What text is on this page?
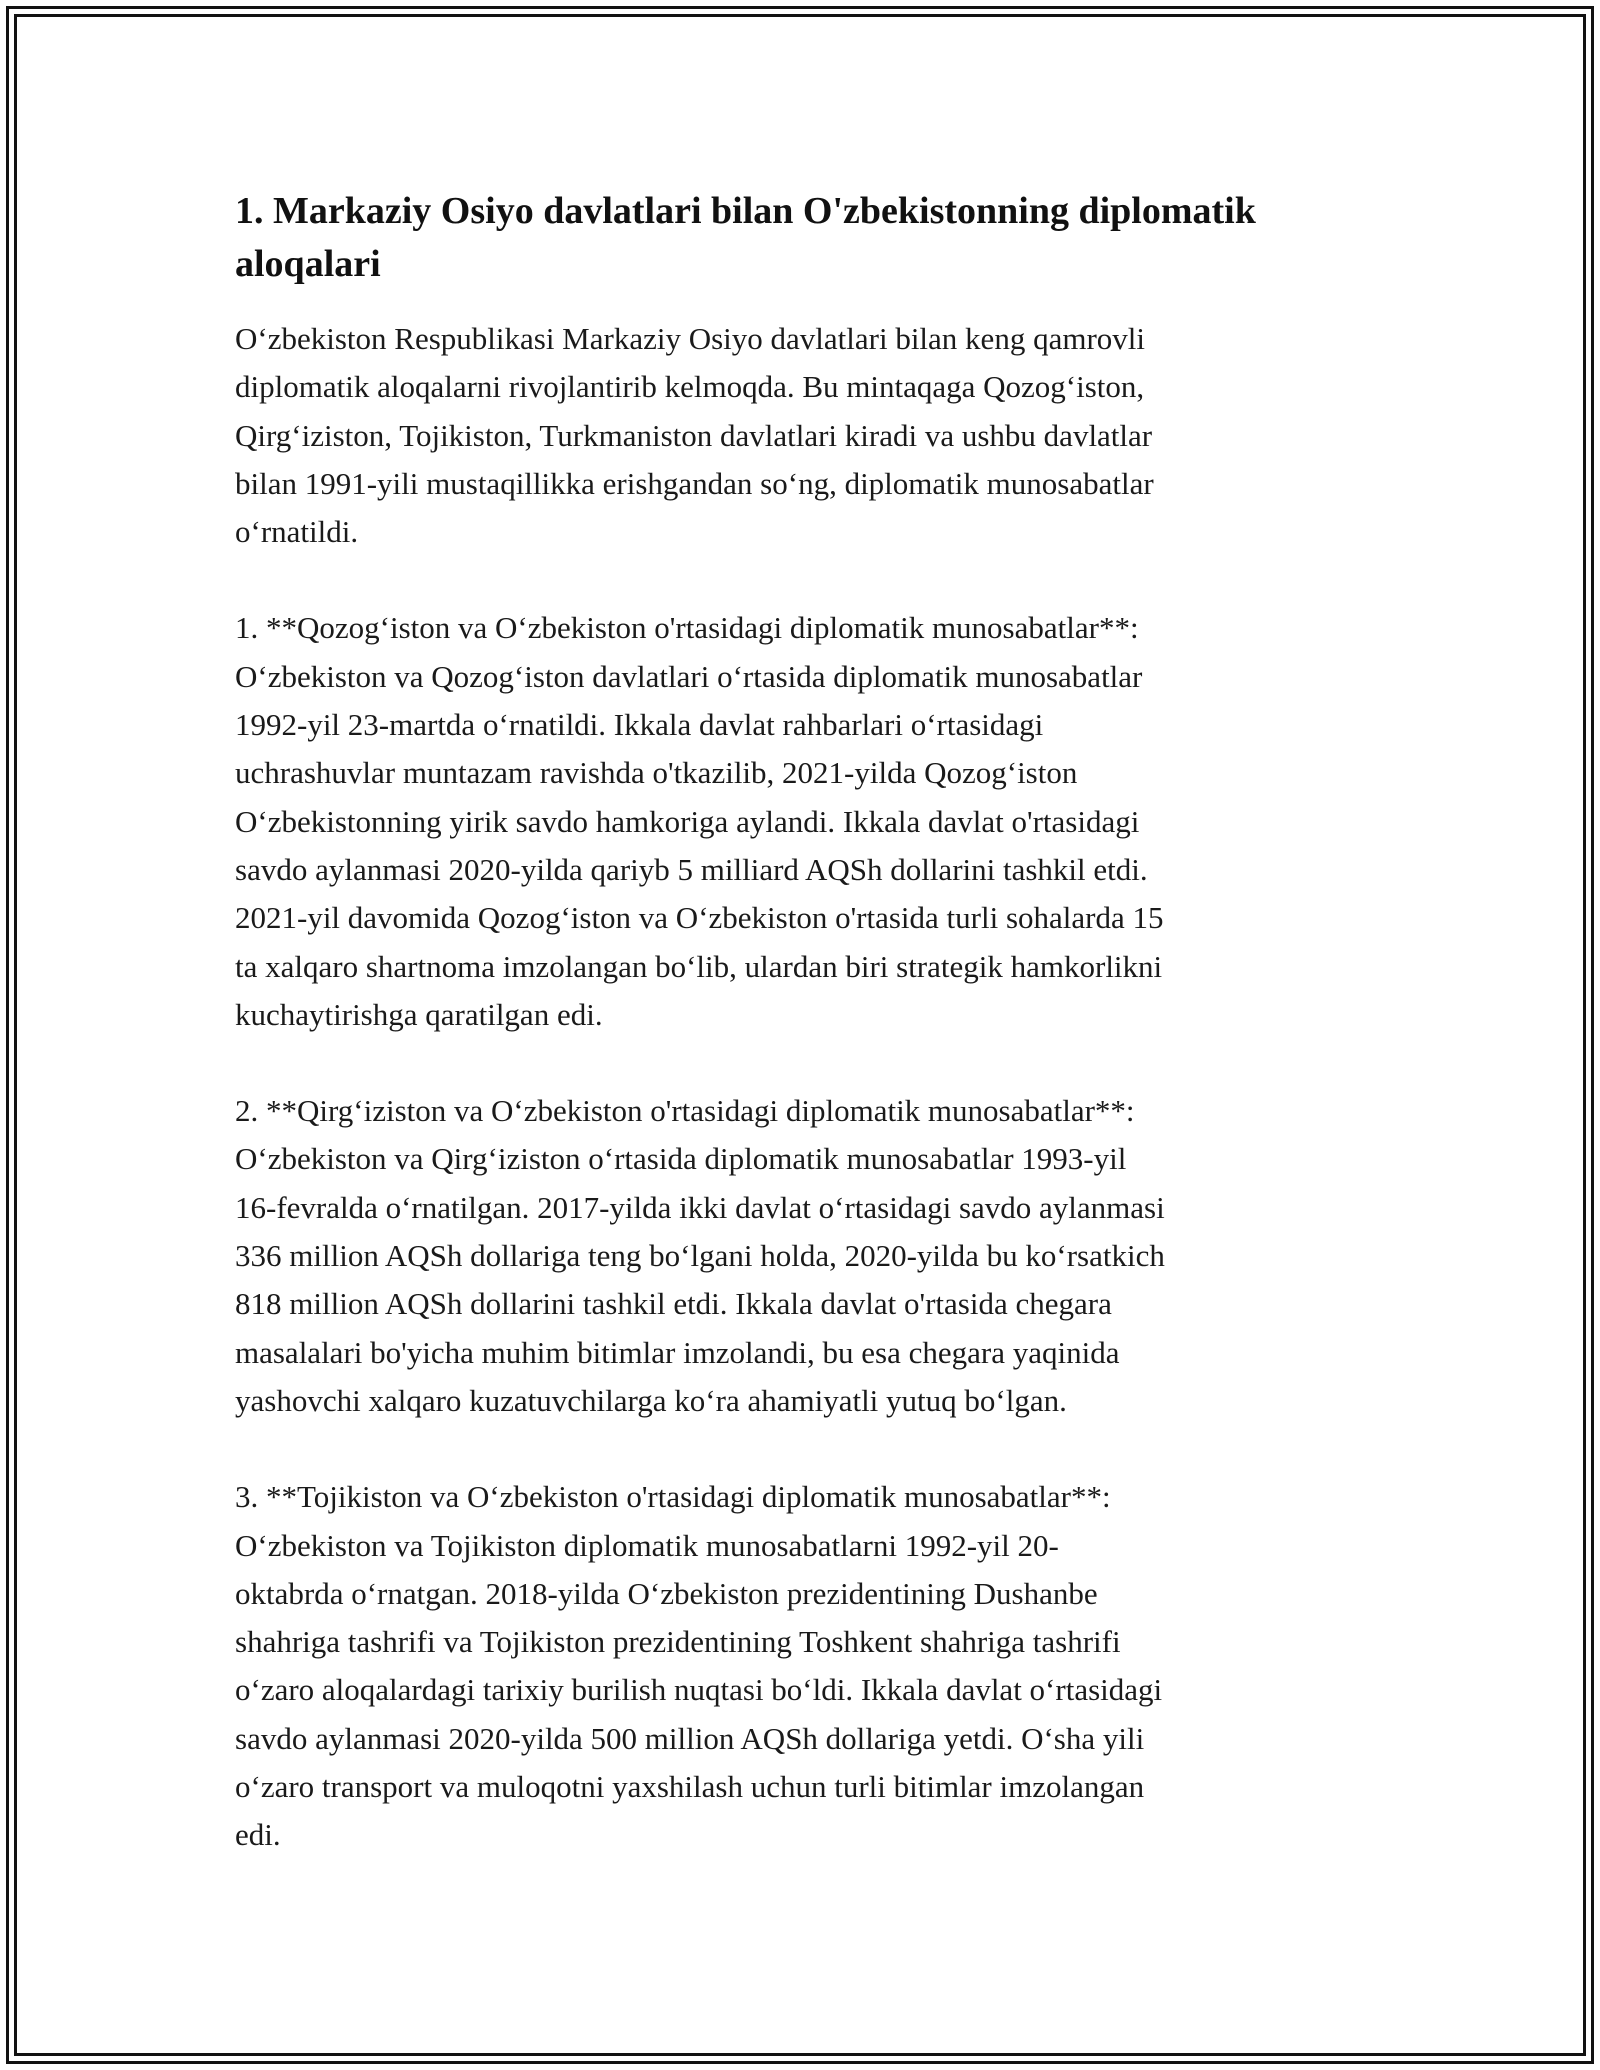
1. Markaziy Osiyo davlatlari bilan O'zbekistonning diplomatik aloqalari

O‘zbekiston Respublikasi Markaziy Osiyo davlatlari bilan keng qamrovli
diplomatik aloqalarni rivojlantirib kelmoqda. Bu mintaqaga Qozog‘iston,
Qirg‘iziston, Tojikiston, Turkmaniston davlatlari kiradi va ushbu davlatlar
bilan 1991-yili mustaqillikka erishgandan so‘ng, diplomatik munosabatlar
o‘rnatildi.

1. **Qozog‘iston va O‘zbekiston o'rtasidagi diplomatik munosabatlar**:

O‘zbekiston va Qozog‘iston davlatlari o‘rtasida diplomatik munosabatlar
1992-yil 23-martda o‘rnatildi. Ikkala davlat rahbarlari o‘rtasidagi
uchrashuvlar muntazam ravishda o'tkazilib, 2021-yilda Qozog‘iston
O‘zbekistonning yirik savdo hamkoriga aylandi. Ikkala davlat o'rtasidagi
savdo aylanmasi 2020-yilda qariyb 5 milliard AQSh dollarini tashkil etdi.
2021-yil davomida Qozog‘iston va O‘zbekiston o'rtasida turli sohalarda 15
ta xalqaro shartnoma imzolangan bo‘lib, ulardan biri strategik hamkorlikni
kuchaytirishga qaratilgan edi.

2. **Qirg‘iziston va O‘zbekiston o'rtasidagi diplomatik munosabatlar**:

O‘zbekiston va Qirg‘iziston o‘rtasida diplomatik munosabatlar 1993-yil
16-fevralda o‘rnatilgan. 2017-yilda ikki davlat o‘rtasidagi savdo aylanmasi
336 million AQSh dollariga teng bo‘lgani holda, 2020-yilda bu ko‘rsatkich
818 million AQSh dollarini tashkil etdi. Ikkala davlat o'rtasida chegara
masalalari bo'yicha muhim bitimlar imzolandi, bu esa chegara yaqinida
yashovchi xalqaro kuzatuvchilarga ko‘ra ahamiyatli yutuq bo‘lgan.

3. **Tojikiston va O‘zbekiston o'rtasidagi diplomatik munosabatlar**:

O‘zbekiston va Tojikiston diplomatik munosabatlarni 1992-yil 20-
oktabrda o‘rnatgan. 2018-yilda O‘zbekiston prezidentining Dushanbe
shahriga tashrifi va Tojikiston prezidentining Toshkent shahriga tashrifi
o‘zaro aloqalardagi tarixiy burilish nuqtasi bo‘ldi. Ikkala davlat o‘rtasidagi
savdo aylanmasi 2020-yilda 500 million AQSh dollariga yetdi. O‘sha yili
o‘zaro transport va muloqotni yaxshilash uchun turli bitimlar imzolangan
edi.
